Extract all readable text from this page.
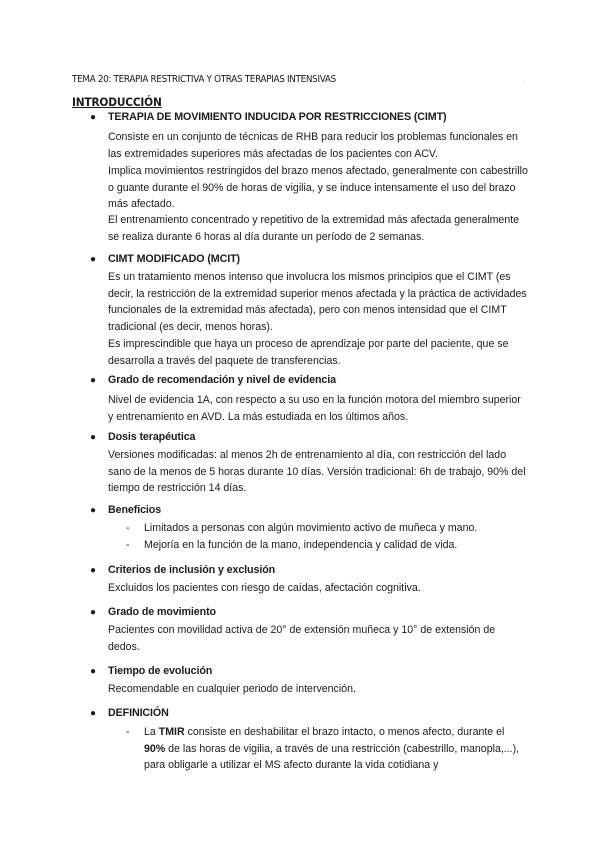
TEMA 20: TERAPIA RESTRICTIVA Y OTRAS TERAPIAS INTENSIVAS	.
INTRODUCCIÓN
● TERAPIA DE MOVIMIENTO INDUCIDA POR RESTRICCIONES (CIMT)
Consiste en un conjunto de técnicas de RHB para reducir los problemas funcionales en las extremidades superiores más afectadas de los pacientes con ACV.
Implica movimientos restringidos del brazo menos afectado, generalmente con cabestrillo o guante durante el 90% de horas de vigilia, y se induce intensamente el uso del brazo más afectado.
El entrenamiento concentrado y repetitivo de la extremidad más afectada generalmente se realiza durante 6 horas al día durante un período de 2 semanas.
● CIMT MODIFICADO (MCIT)
Es un tratamiento menos intenso que involucra los mismos principios que el CIMT (es decir, la restricción de la extremidad superior menos afectada y la práctica de actividades funcionales de la extremidad más afectada), pero con menos intensidad que el CIMT tradicional (es decir, menos horas).
Es imprescindible que haya un proceso de aprendizaje por parte del paciente, que se desarrolla a través del paquete de transferencias.
● Grado de recomendación y nivel de evidencia
Nivel de evidencia 1A, con respecto a su uso en la función motora del miembro superior y entrenamiento en AVD. La más estudiada en los últimos años.
● Dosis terapéutica
Versiones modificadas: al menos 2h de entrenamiento al día, con restricción del lado sano de la menos de 5 horas durante 10 días. Versión tradicional: 6h de trabajo, 90% del tiempo de restricción 14 días.
● Beneficios
- Limitados a personas con algún movimiento activo de muñeca y mano.
- Mejoría en la función de la mano, independencia y calidad de vida.
● Criterios de inclusión y exclusión
Excluidos los pacientes con riesgo de caídas, afectación cognitiva.
● Grado de movimiento
Pacientes con movilidad activa de 20° de extensión muñeca y 10° de extensión de dedos.
● Tiempo de evolución
Recomendable en cualquier periodo de intervención.
● DEFINICIÓN
- La TMIR consiste en deshabilitar el brazo intacto, o menos afecto, durante el 90% de las horas de vigilia, a través de una restricción (cabestrillo, manopla,...), para obligarle a utilizar el MS afecto durante la vida cotidiana y
